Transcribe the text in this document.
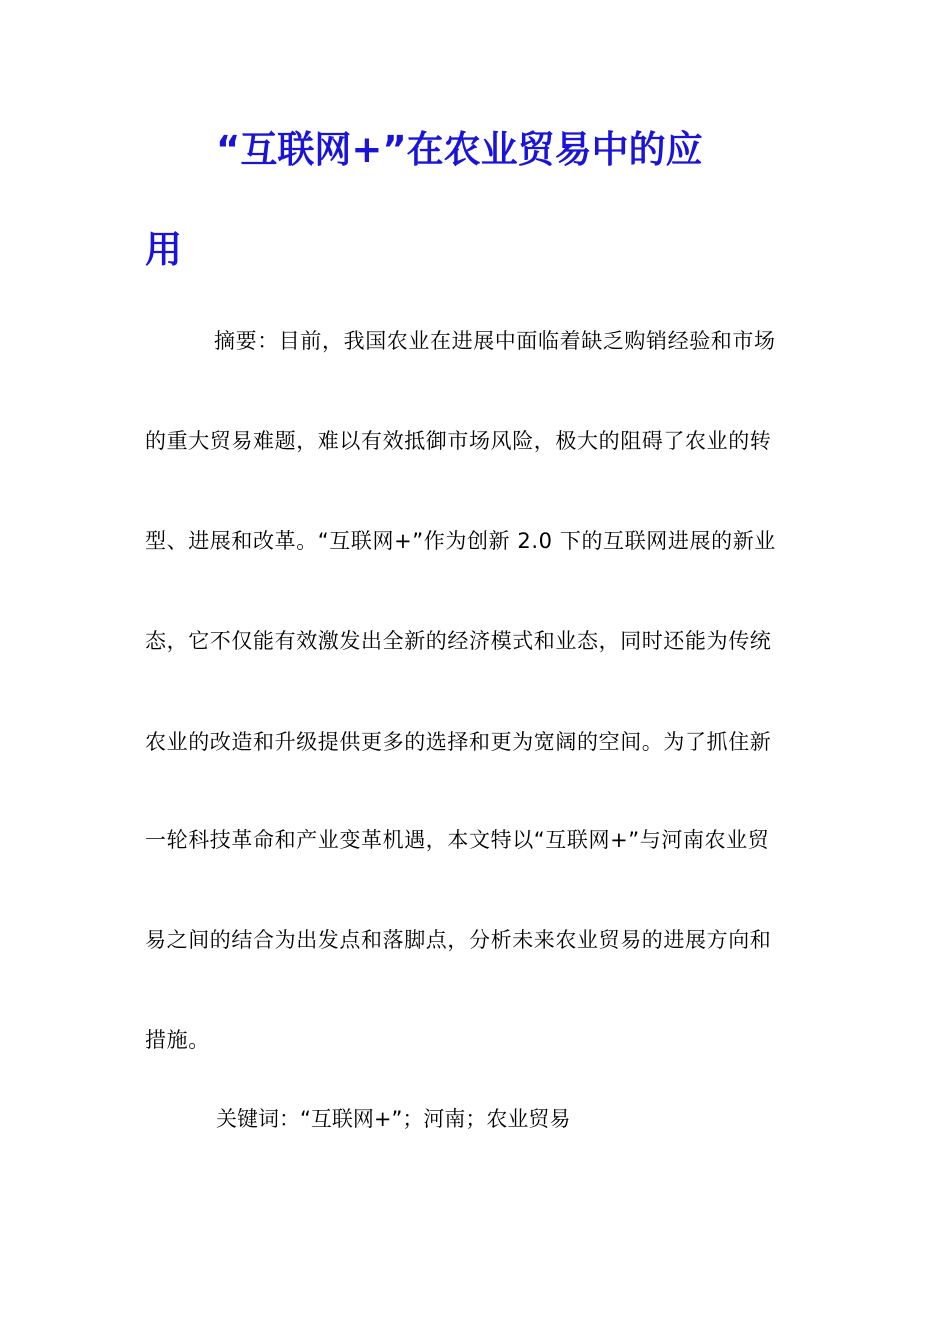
“互联网+”在农业贸易中的应
用

摘要：目前，我国农业在进展中面临着缺乏购销经验和市场

的重大贸易难题，难以有效抵御市场风险，极大的阻碍了农业的转

型、进展和改革。“互联网+”作为创新 2.0 下的互联网进展的新业

态，它不仅能有效激发出全新的经济模式和业态，同时还能为传统

农业的改造和升级提供更多的选择和更为宽阔的空间。为了抓住新

一轮科技革命和产业变革机遇，本文特以“互联网+”与河南农业贸

易之间的结合为出发点和落脚点，分析未来农业贸易的进展方向和

措施。

关键词：“互联网+”；河南；农业贸易
